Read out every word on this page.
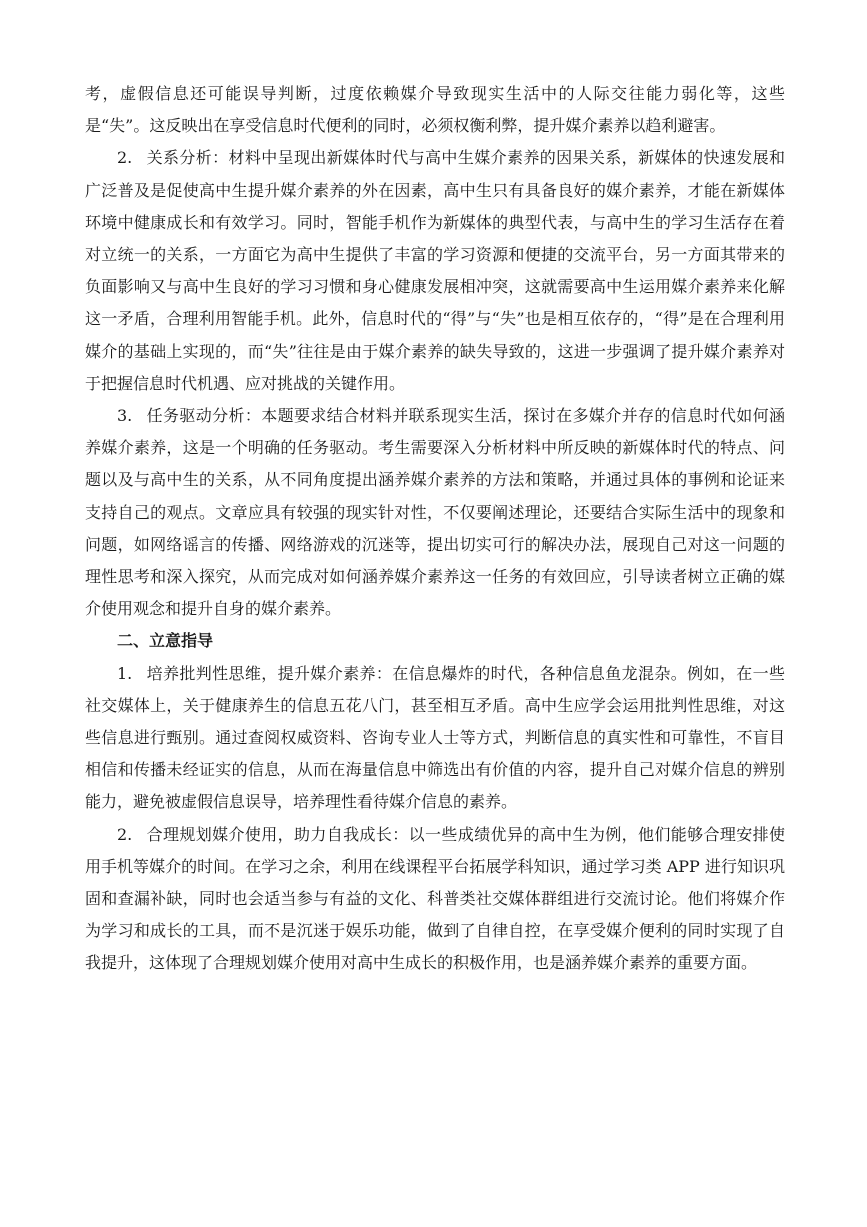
考，虚假信息还可能误导判断，过度依赖媒介导致现实生活中的人际交往能力弱化等，这些是“失”。这反映出在享受信息时代便利的同时，必须权衡利弊，提升媒介素养以趋利避害。

2. 关系分析：材料中呈现出新媒体时代与高中生媒介素养的因果关系，新媒体的快速发展和广泛普及是促使高中生提升媒介素养的外在因素，高中生只有具备良好的媒介素养，才能在新媒体环境中健康成长和有效学习。同时，智能手机作为新媒体的典型代表，与高中生的学习生活存在着对立统一的关系，一方面它为高中生提供了丰富的学习资源和便捷的交流平台，另一方面其带来的负面影响又与高中生良好的学习习惯和身心健康发展相冲突，这就需要高中生运用媒介素养来化解这一矛盾，合理利用智能手机。此外，信息时代的“得”与“失”也是相互依存的，“得”是在合理利用媒介的基础上实现的，而“失”往往是由于媒介素养的缺失导致的，这进一步强调了提升媒介素养对于把握信息时代机遇、应对挑战的关键作用。

3. 任务驱动分析：本题要求结合材料并联系现实生活，探讨在多媒介并存的信息时代如何涵养媒介素养，这是一个明确的任务驱动。考生需要深入分析材料中所反映的新媒体时代的特点、问题以及与高中生的关系，从不同角度提出涵养媒介素养的方法和策略，并通过具体的事例和论证来支持自己的观点。文章应具有较强的现实针对性，不仅要阐述理论，还要结合实际生活中的现象和问题，如网络谣言的传播、网络游戏的沉迷等，提出切实可行的解决办法，展现自己对这一问题的理性思考和深入探究，从而完成对如何涵养媒介素养这一任务的有效回应，引导读者树立正确的媒介使用观念和提升自身的媒介素养。

二、立意指导

1. 培养批判性思维，提升媒介素养：在信息爆炸的时代，各种信息鱼龙混杂。例如，在一些社交媒体上，关于健康养生的信息五花八门，甚至相互矛盾。高中生应学会运用批判性思维，对这些信息进行甄别。通过查阅权威资料、咨询专业人士等方式，判断信息的真实性和可靠性，不盲目相信和传播未经证实的信息，从而在海量信息中筛选出有价值的内容，提升自己对媒介信息的辨别能力，避免被虚假信息误导，培养理性看待媒介信息的素养。

2. 合理规划媒介使用，助力自我成长：以一些成绩优异的高中生为例，他们能够合理安排使用手机等媒介的时间。在学习之余，利用在线课程平台拓展学科知识，通过学习类 APP 进行知识巩固和查漏补缺，同时也会适当参与有益的文化、科普类社交媒体群组进行交流讨论。他们将媒介作为学习和成长的工具，而不是沉迷于娱乐功能，做到了自律自控，在享受媒介便利的同时实现了自我提升，这体现了合理规划媒介使用对高中生成长的积极作用，也是涵养媒介素养的重要方面。
